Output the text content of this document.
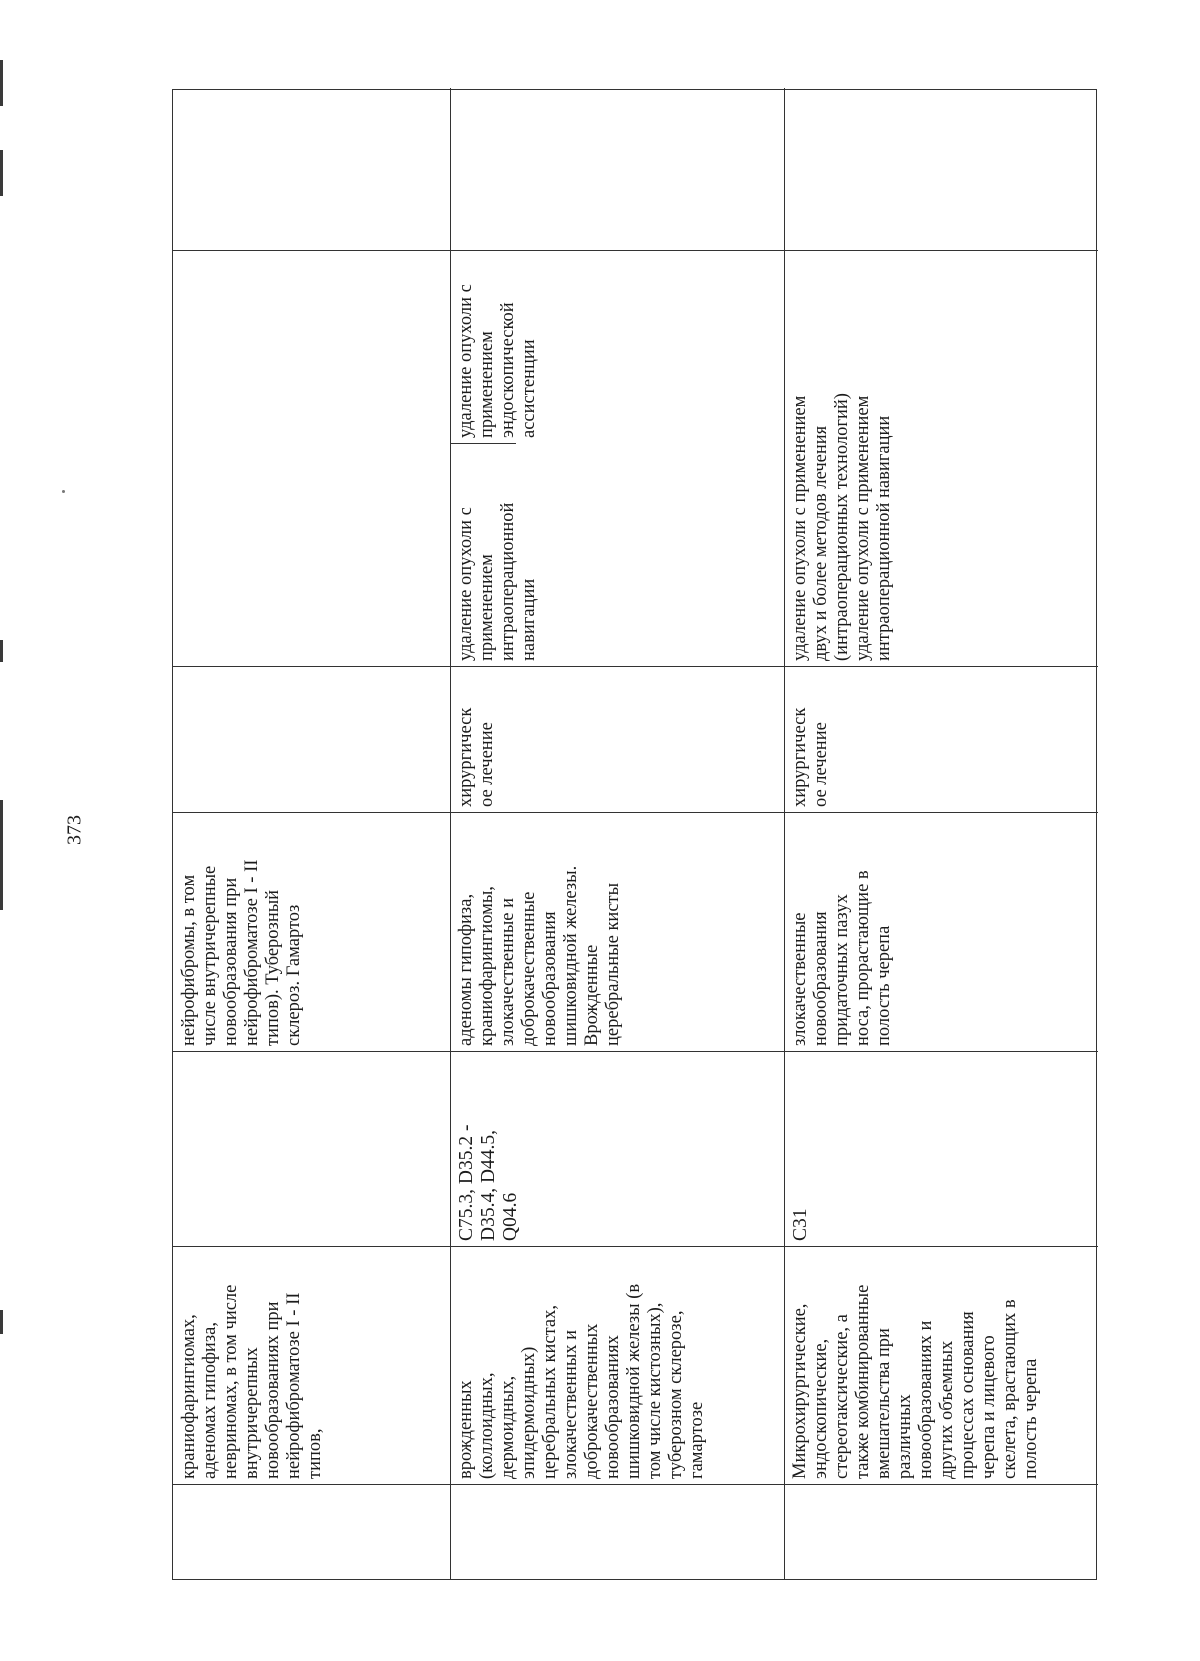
373
краниофарингиомах,
аденомах гипофиза,
невриномах, в том числе
внутричерепных
новообразованиях при
нейрофиброматозе I - II
типов,
нейрофибромы, в том
числе внутричерепные
новообразования при
нейрофиброматозе I - II
типов). Туберозный
склероз. Гамартоз
врожденных
(коллоидных,
дермоидных,
эпидермоидных)
церебральных кистах,
злокачественных и
доброкачественных
новообразованиях
шишковидной железы (в
том числе кистозных),
туберозном склерозе,
гамартозе
C75.3, D35.2 -
D35.4, D44.5,
Q04.6
аденомы гипофиза,
краниофарингиомы,
злокачественные и
доброкачественные
новообразования
шишковидной железы.
Врожденные
церебральные кисты
хирургическ
ое лечение
удаление опухоли с применением
интраоперационной навигации
удаление опухоли с применением
эндоскопической ассистенции
Микрохирургические,
эндоскопические,
стереотаксические, а
также комбинированные
вмешательства при
различных
новообразованиях и
других объемных
процессах основания
черепа и лицевого
скелета, врастающих в
полость черепа
C31
злокачественные
новообразования
придаточных пазух
носа, прорастающие в
полость черепа
хирургическ
ое лечение
удаление опухоли с применением
двух и более методов лечения
(интраоперационных технологий)
удаление опухоли с применением
интраоперационной навигации
